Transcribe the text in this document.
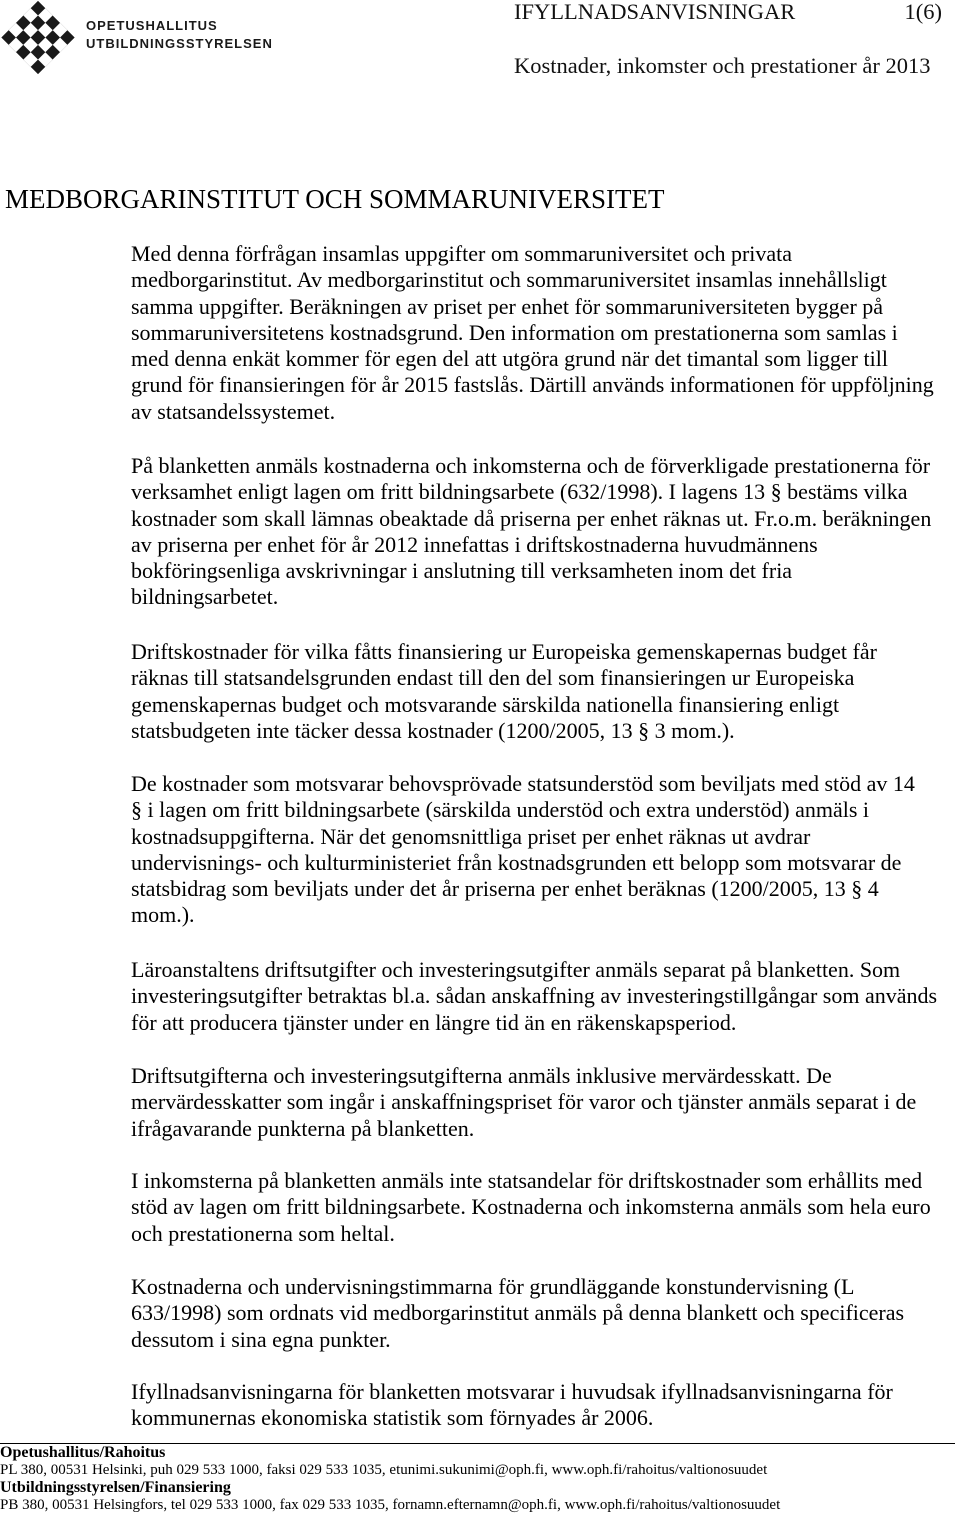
OPETUSHALLITUS
UTBILDNINGSSTYRELSEN
IFYLLNADSANVISNINGAR	1(6)
Kostnader, inkomster och prestationer år 2013
MEDBORGARINSTITUT OCH SOMMARUNIVERSITET
Med denna förfrågan insamlas uppgifter om sommaruniversitet och privata
medborgarinstitut. Av medborgarinstitut och sommaruniversitet insamlas innehållsligt
samma uppgifter. Beräkningen av priset per enhet för sommaruniversiteten bygger på
sommaruniversitetens kostnadsgrund. Den information om prestationerna som samlas i
med denna enkät kommer för egen del att utgöra grund när det timantal som ligger till
grund för finansieringen för år 2015 fastslås. Därtill används informationen för uppföljning
av statsandelssystemet.
På blanketten anmäls kostnaderna och inkomsterna och de förverkligade prestationerna för
verksamhet enligt lagen om fritt bildningsarbete (632/1998). I lagens 13 § bestäms vilka
kostnader som skall lämnas obeaktade då priserna per enhet räknas ut. Fr.o.m. beräkningen
av priserna per enhet för år 2012 innefattas i driftskostnaderna huvudmännens
bokföringsenliga avskrivningar i anslutning till verksamheten inom det fria
bildningsarbetet.
Driftskostnader för vilka fåtts finansiering ur Europeiska gemenskapernas budget får
räknas till statsandelsgrunden endast till den del som finansieringen ur Europeiska
gemenskapernas budget och motsvarande särskilda nationella finansiering enligt
statsbudgeten inte täcker dessa kostnader (1200/2005, 13 § 3 mom.).
De kostnader som motsvarar behovsprövade statsunderstöd som beviljats med stöd av 14
§ i lagen om fritt bildningsarbete (särskilda understöd och extra understöd) anmäls i
kostnadsuppgifterna. När det genomsnittliga priset per enhet räknas ut avdrar
undervisnings- och kulturministeriet från kostnadsgrunden ett belopp som motsvarar de
statsbidrag som beviljats under det år priserna per enhet beräknas (1200/2005, 13 § 4
mom.).
Läroanstaltens driftsutgifter och investeringsutgifter anmäls separat på blanketten. Som
investeringsutgifter betraktas bl.a. sådan anskaffning av investeringstillgångar som används
för att producera tjänster under en längre tid än en räkenskapsperiod.
Driftsutgifterna och investeringsutgifterna anmäls inklusive mervärdesskatt. De
mervärdesskatter som ingår i anskaffningspriset för varor och tjänster anmäls separat i de
ifrågavarande punkterna på blanketten.
I inkomsterna på blanketten anmäls inte statsandelar för driftskostnader som erhållits med
stöd av lagen om fritt bildningsarbete. Kostnaderna och inkomsterna anmäls som hela euro
och prestationerna som heltal.
Kostnaderna och undervisningstimmarna för grundläggande konstundervisning (L
633/1998) som ordnats vid medborgarinstitut anmäls på denna blankett och specificeras
dessutom i sina egna punkter.
Ifyllnadsanvisningarna för blanketten motsvarar i huvudsak ifyllnadsanvisningarna för
kommunernas ekonomiska statistik som förnyades år 2006.
Opetushallitus/Rahoitus
PL 380, 00531 Helsinki, puh 029 533 1000, faksi 029 533 1035, etunimi.sukunimi@oph.fi, www.oph.fi/rahoitus/valtionosuudet
Utbildningsstyrelsen/Finansiering
PB 380, 00531 Helsingfors, tel 029 533 1000, fax 029 533 1035, fornamn.efternamn@oph.fi, www.oph.fi/rahoitus/valtionosuudet
